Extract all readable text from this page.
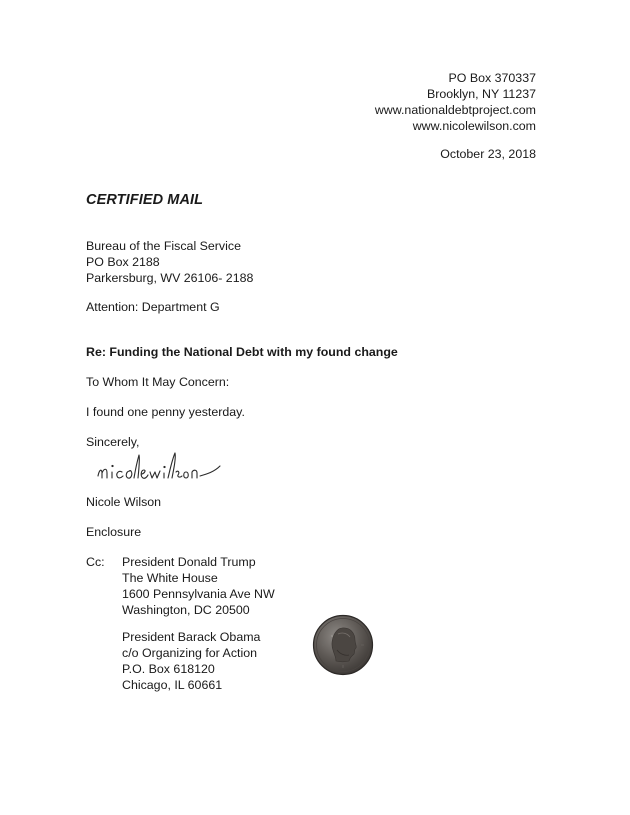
PO Box 370337
Brooklyn, NY 11237
www.nationaldebtproject.com
www.nicolewilson.com
October 23, 2018
CERTIFIED MAIL
Bureau of the Fiscal Service
PO Box 2188
Parkersburg, WV 26106- 2188
Attention: Department G
Re: Funding the National Debt with my found change
To Whom It May Concern:
I found one penny yesterday.
Sincerely,
Nicole Wilson
Enclosure
Cc: President Donald Trump
The White House
1600 Pennsylvania Ave NW
Washington, DC 20500
President Barack Obama
c/o Organizing for Action
P.O. Box 618120
Chicago, IL 60661
